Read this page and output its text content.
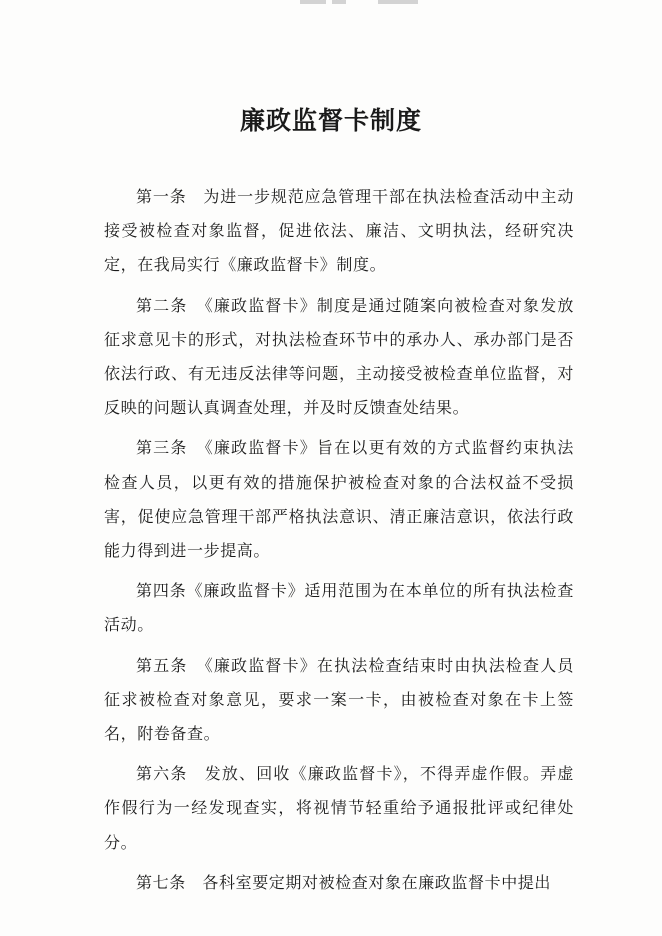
廉政监督卡制度

第一条　为进一步规范应急管理干部在执法检查活动中主动接受被检查对象监督，促进依法、廉洁、文明执法，经研究决定，在我局实行《廉政监督卡》制度。

第二条　《廉政监督卡》制度是通过随案向被检查对象发放征求意见卡的形式，对执法检查环节中的承办人、承办部门是否依法行政、有无违反法律等问题，主动接受被检查单位监督，对反映的问题认真调查处理，并及时反馈查处结果。

第三条　《廉政监督卡》旨在以更有效的方式监督约束执法检查人员，以更有效的措施保护被检查对象的合法权益不受损害，促使应急管理干部严格执法意识、清正廉洁意识，依法行政能力得到进一步提高。

第四条《廉政监督卡》适用范围为在本单位的所有执法检查活动。

第五条　《廉政监督卡》在执法检查结束时由执法检查人员征求被检查对象意见，要求一案一卡，由被检查对象在卡上签名，附卷备查。

第六条　发放、回收《廉政监督卡》，不得弄虚作假。弄虚作假行为一经发现查实，将视情节轻重给予通报批评或纪律处分。

第七条　各科室要定期对被检查对象在廉政监督卡中提出
